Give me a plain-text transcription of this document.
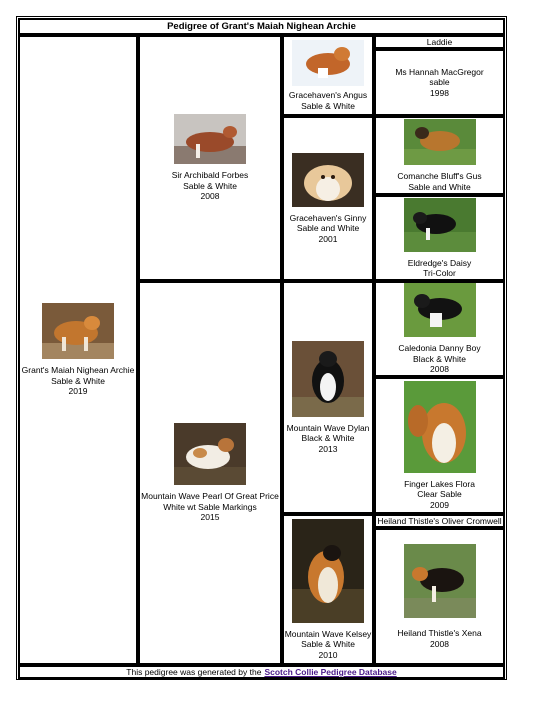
Pedigree of Grant's Maiah Nighean Archie
Grant's Maiah Nighean Archie
Sable & White
2019
Sir Archibald Forbes
Sable & White
2008
Mountain Wave Pearl Of Great Price
White wt Sable Markings
2015
Gracehaven's Angus
Sable & White
Gracehaven's Ginny
Sable and White
2001
Mountain Wave Dylan
Black & White
2013
Mountain Wave Kelsey
Sable & White
2010
Laddie
Ms Hannah MacGregor
sable
1998
Comanche Bluff's Gus
Sable and White
Eldredge's Daisy
Tri-Color
Caledonia Danny Boy
Black & White
2008
Finger Lakes Flora
Clear Sable
2009
Heiland Thistle's Oliver Cromwell
Heiland Thistle's Xena
2008
This pedigree was generated by the Scotch Collie Pedigree Database
